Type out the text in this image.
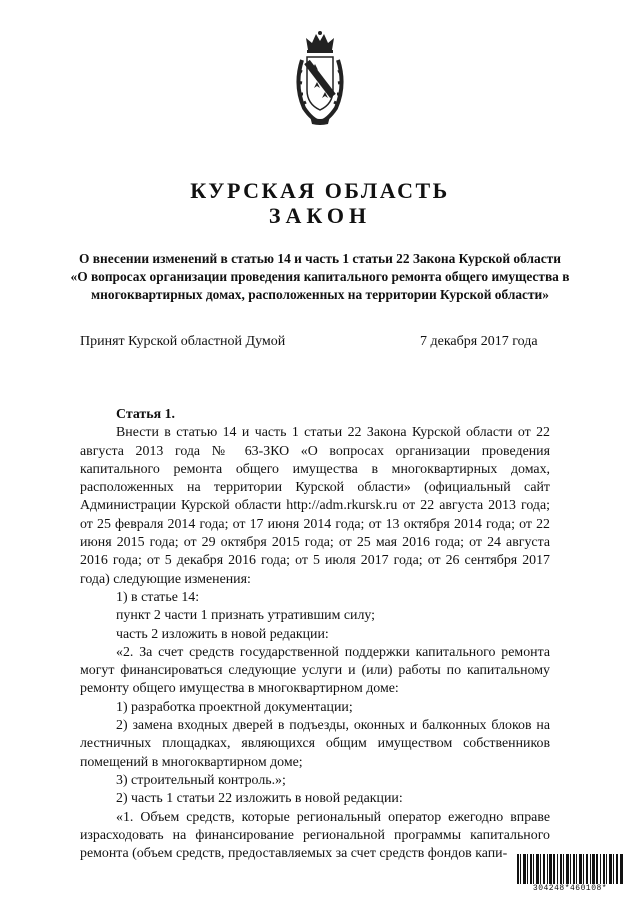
КУРСКАЯ ОБЛАСТЬ
ЗАКОН
О внесении изменений в статью 14 и часть 1 статьи 22 Закона Курской области «О вопросах организации проведения капитального ремонта общего имущества в многоквартирных домах, расположенных на территории Курской области»
Принят Курской областной Думой	7 декабря 2017 года
Статья 1.

Внести в статью 14 и часть 1 статьи 22 Закона Курской области от 22 августа 2013 года № 63-ЗКО «О вопросах организации проведения капитального ремонта общего имущества в многоквартирных домах, расположенных на территории Курской области» (официальный сайт Администрации Курской области http://adm.rkursk.ru от 22 августа 2013 года; от 25 февраля 2014 года; от 17 июня 2014 года; от 13 октября 2014 года; от 22 июня 2015 года; от 29 октября 2015 года; от 25 мая 2016 года; от 24 августа 2016 года; от 5 декабря 2016 года; от 5 июля 2017 года; от 26 сентября 2017 года) следующие изменения:

1) в статье 14:

пункт 2 части 1 признать утратившим силу;

часть 2 изложить в новой редакции:

«2. За счет средств государственной поддержки капитального ремонта могут финансироваться следующие услуги и (или) работы по капитальному ремонту общего имущества в многоквартирном доме:

1) разработка проектной документации;

2) замена входных дверей в подъезды, оконных и балконных блоков на лестничных площадках, являющихся общим имуществом собственников помещений в многоквартирном доме;

3) строительный контроль.»;

2) часть 1 статьи 22 изложить в новой редакции:

«1. Объем средств, которые региональный оператор ежегодно вправе израсходовать на финансирование региональной программы капитального ремонта (объем средств, предоставляемых за счет средств фондов капи-

304248*460108*
